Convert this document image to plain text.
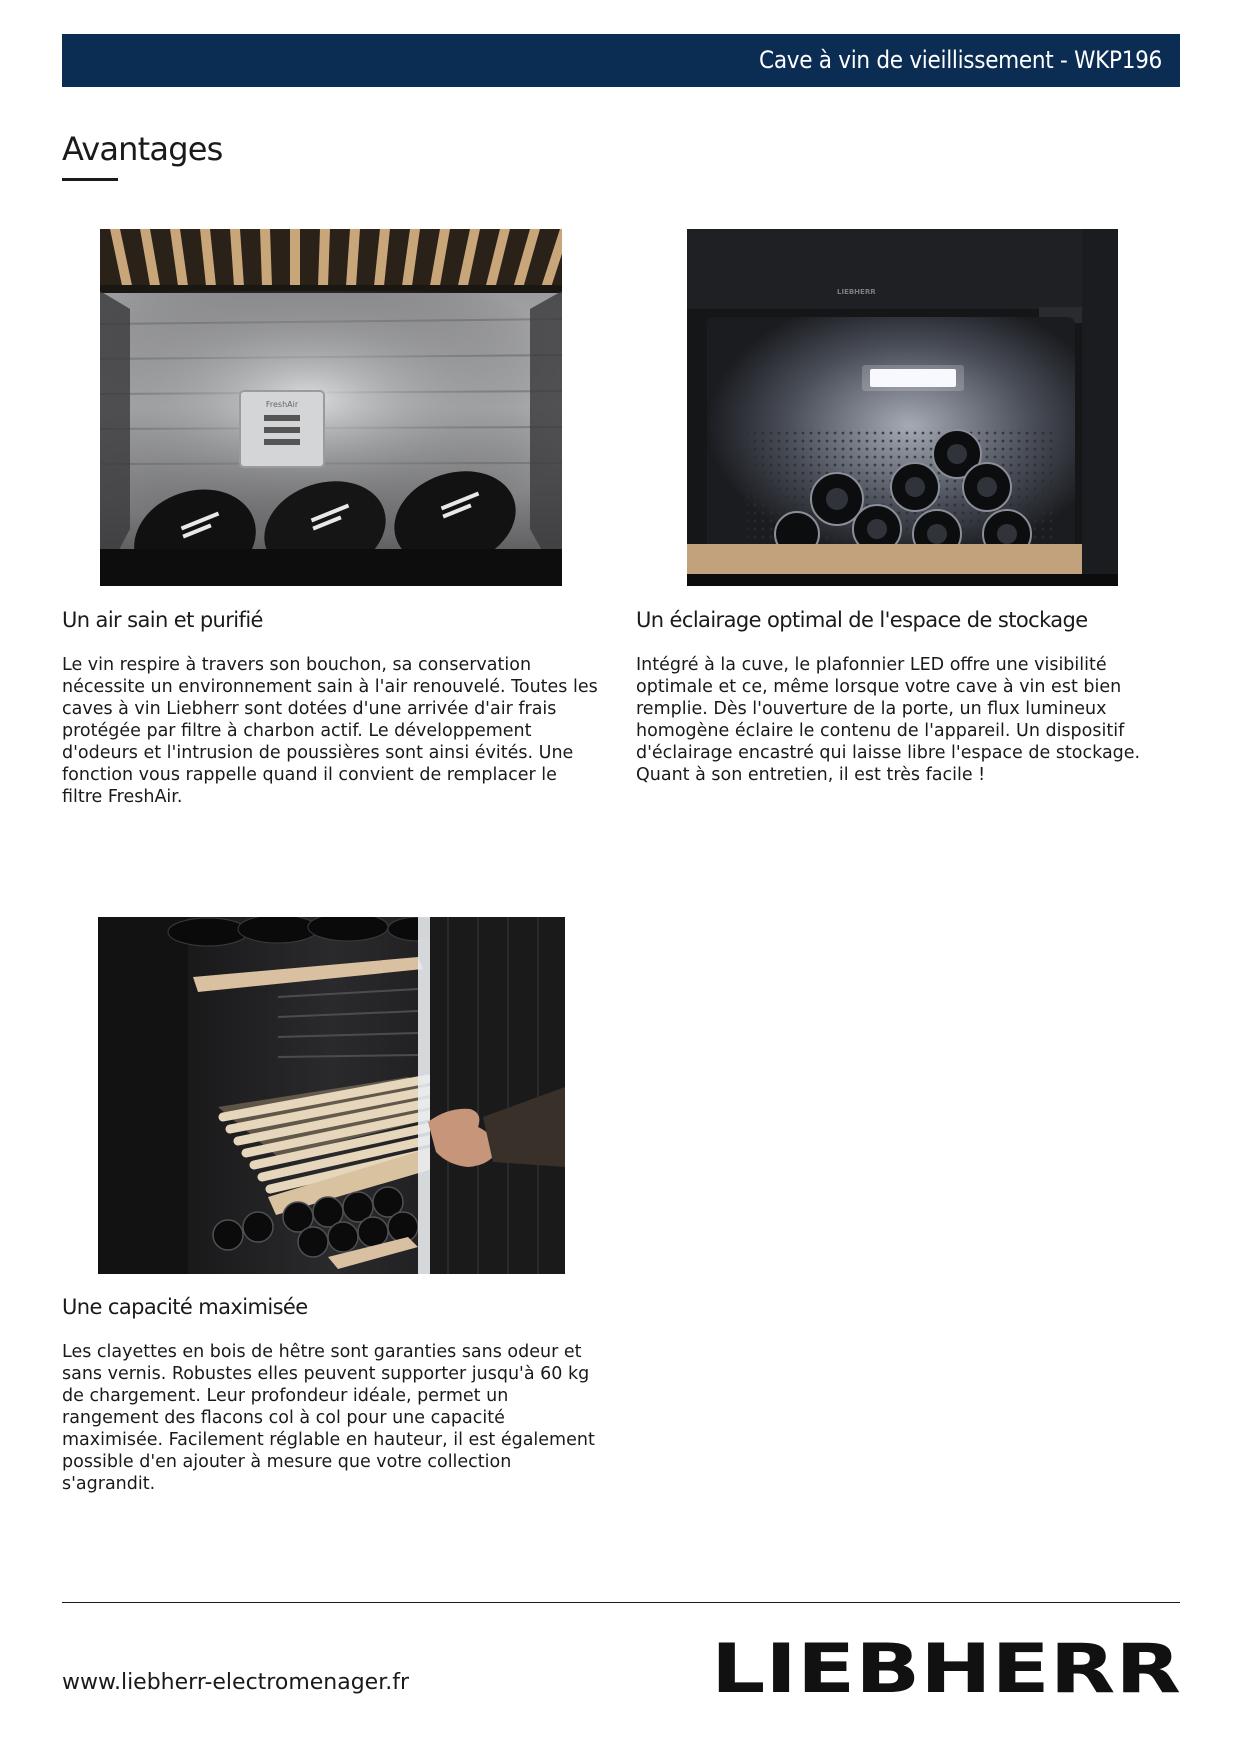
Cave à vin de vieillissement - WKP196
Avantages
FreshAir
LIEBHERR
Un air sain et purifié

Le vin respire à travers son bouchon, sa conservation nécessite un environnement sain à l'air renouvelé. Toutes les caves à vin Liebherr sont dotées d'une arrivée d'air frais protégée par filtre à charbon actif. Le développement d'odeurs et l'intrusion de poussières sont ainsi évités. Une fonction vous rappelle quand il convient de remplacer le filtre FreshAir.

Un éclairage optimal de l'espace de stockage

Intégré à la cuve, le plafonnier LED offre une visibilité optimale et ce, même lorsque votre cave à vin est bien remplie. Dès l'ouverture de la porte, un flux lumineux homogène éclaire le contenu de l'appareil. Un dispositif d'éclairage encastré qui laisse libre l'espace de stockage. Quant à son entretien, il est très facile !

Une capacité maximisée

Les clayettes en bois de hêtre sont garanties sans odeur et sans vernis. Robustes elles peuvent supporter jusqu'à 60 kg de chargement. Leur profondeur idéale, permet un rangement des flacons col à col pour une capacité maximisée. Facilement réglable en hauteur, il est également possible d'en ajouter à mesure que votre collection s'agrandit.

www.liebherr-electromenager.fr	LIEBHERR
